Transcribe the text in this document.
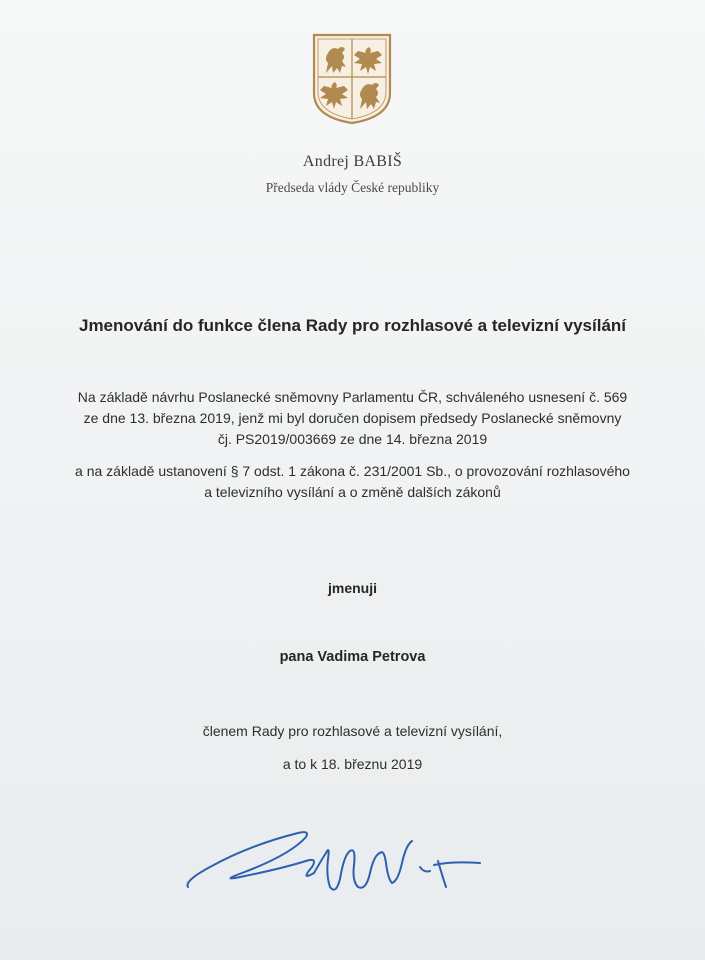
Andrej BABIŠ
Předseda vlády České republiky
Jmenování do funkce člena Rady pro rozhlasové a televizní vysílání
Na základě návrhu Poslanecké sněmovny Parlamentu ČR, schváleného usnesení č. 569
ze dne 13. března 2019, jenž mi byl doručen dopisem předsedy Poslanecké sněmovny
čj. PS2019/003669 ze dne 14. března 2019
a na základě ustanovení § 7 odst. 1 zákona č. 231/2001 Sb., o provozování rozhlasového
a televizního vysílání a o změně dalších zákonů
jmenuji
pana Vadima Petrova
členem Rady pro rozhlasové a televizní vysílání,
a to k 18. březnu 2019
